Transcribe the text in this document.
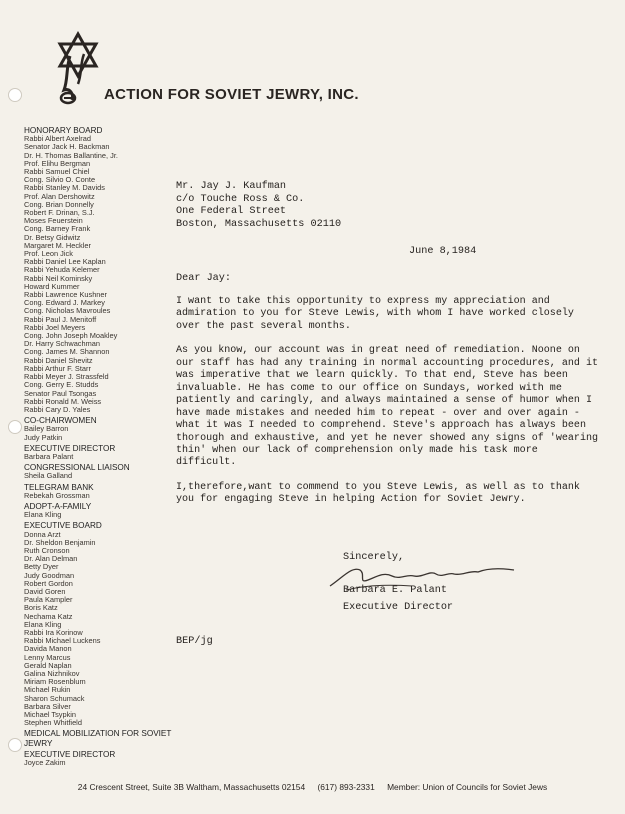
ACTION FOR SOVIET JEWRY, INC.
HONORARY BOARD
Rabbi Albert Axelrad
Senator Jack H. Backman
Dr. H. Thomas Ballantine, Jr.
Prof. Elihu Bergman
Rabbi Samuel Chiel
Cong. Silvio O. Conte
Rabbi Stanley M. Davids
Prof. Alan Dershowitz
Cong. Brian Donnelly
Robert F. Drinan, S.J.
Moses Feuerstein
Cong. Barney Frank
Dr. Betsy Gidwitz
Margaret M. Heckler
Prof. Leon Jick
Rabbi Daniel Lee Kaplan
Rabbi Yehuda Kelemer
Rabbi Neil Kominsky
Howard Kummer
Rabbi Lawrence Kushner
Cong. Edward J. Markey
Cong. Nicholas Mavroules
Rabbi Paul J. Menitoff
Rabbi Joel Meyers
Cong. John Joseph Moakley
Dr. Harry Schwachman
Cong. James M. Shannon
Rabbi Daniel Shevitz
Rabbi Arthur F. Starr
Rabbi Meyer J. Strassfeld
Cong. Gerry E. Studds
Senator Paul Tsongas
Rabbi Ronald M. Weiss
Rabbi Cary D. Yales
CO-CHAIRWOMEN
Bailey Barron
Judy Patkin
EXECUTIVE DIRECTOR
Barbara Palant
CONGRESSIONAL LIAISON
Sheila Galland
TELEGRAM BANK
Rebekah Grossman
ADOPT-A-FAMILY
Elana Kling
EXECUTIVE BOARD
Donna Arzt
Dr. Sheldon Benjamin
Ruth Cronson
Dr. Alan Delman
Betty Dyer
Judy Goodman
Robert Gordon
David Goren
Paula Kampler
Boris Katz
Nechama Katz
Elana Kling
Rabbi Ira Korinow
Rabbi Michael Luckens
Davida Manon
Lenny Marcus
Gerald Naplan
Galina Nizhnikov
Miriam Rosenblum
Michael Rukin
Sharon Schumack
Barbara Silver
Michael Tsypkin
Stephen Whitfield
MEDICAL MOBILIZATION FOR SOVIET JEWRY
EXECUTIVE DIRECTOR
Joyce Zakim
Mr. Jay J. Kaufman
c/o Touche Ross & Co.
One Federal Street
Boston, Massachusetts 02110
June 8,1984
Dear Jay:

I want to take this opportunity to express my appreciation and admiration to you for Steve Lewis, with whom I have worked closely over the past several months.

As you know, our account was in great need of remediation. Noone on our staff has had any training in normal accounting procedures, and it was imperative that we learn quickly. To that end, Steve has been invaluable. He has come to our office on Sundays, worked with me patiently and caringly, and always maintained a sense of humor when I have made mistakes and needed him to repeat - over and over again - what it was I needed to comprehend. Steve's approach has always been thorough and exhaustive, and yet he never showed any signs of 'wearing thin' when our lack of comprehension only made his task more difficult.

I,therefore,want to commend to you Steve Lewis, as well as to thank you for engaging Steve in helping Action for Soviet Jewry.

Sincerely,
Barbara E. Palant
Executive Director
BEP/jg
24 Crescent Street, Suite 3B Waltham, Massachusetts 02154 (617) 893-2331 Member: Union of Councils for Soviet Jews
